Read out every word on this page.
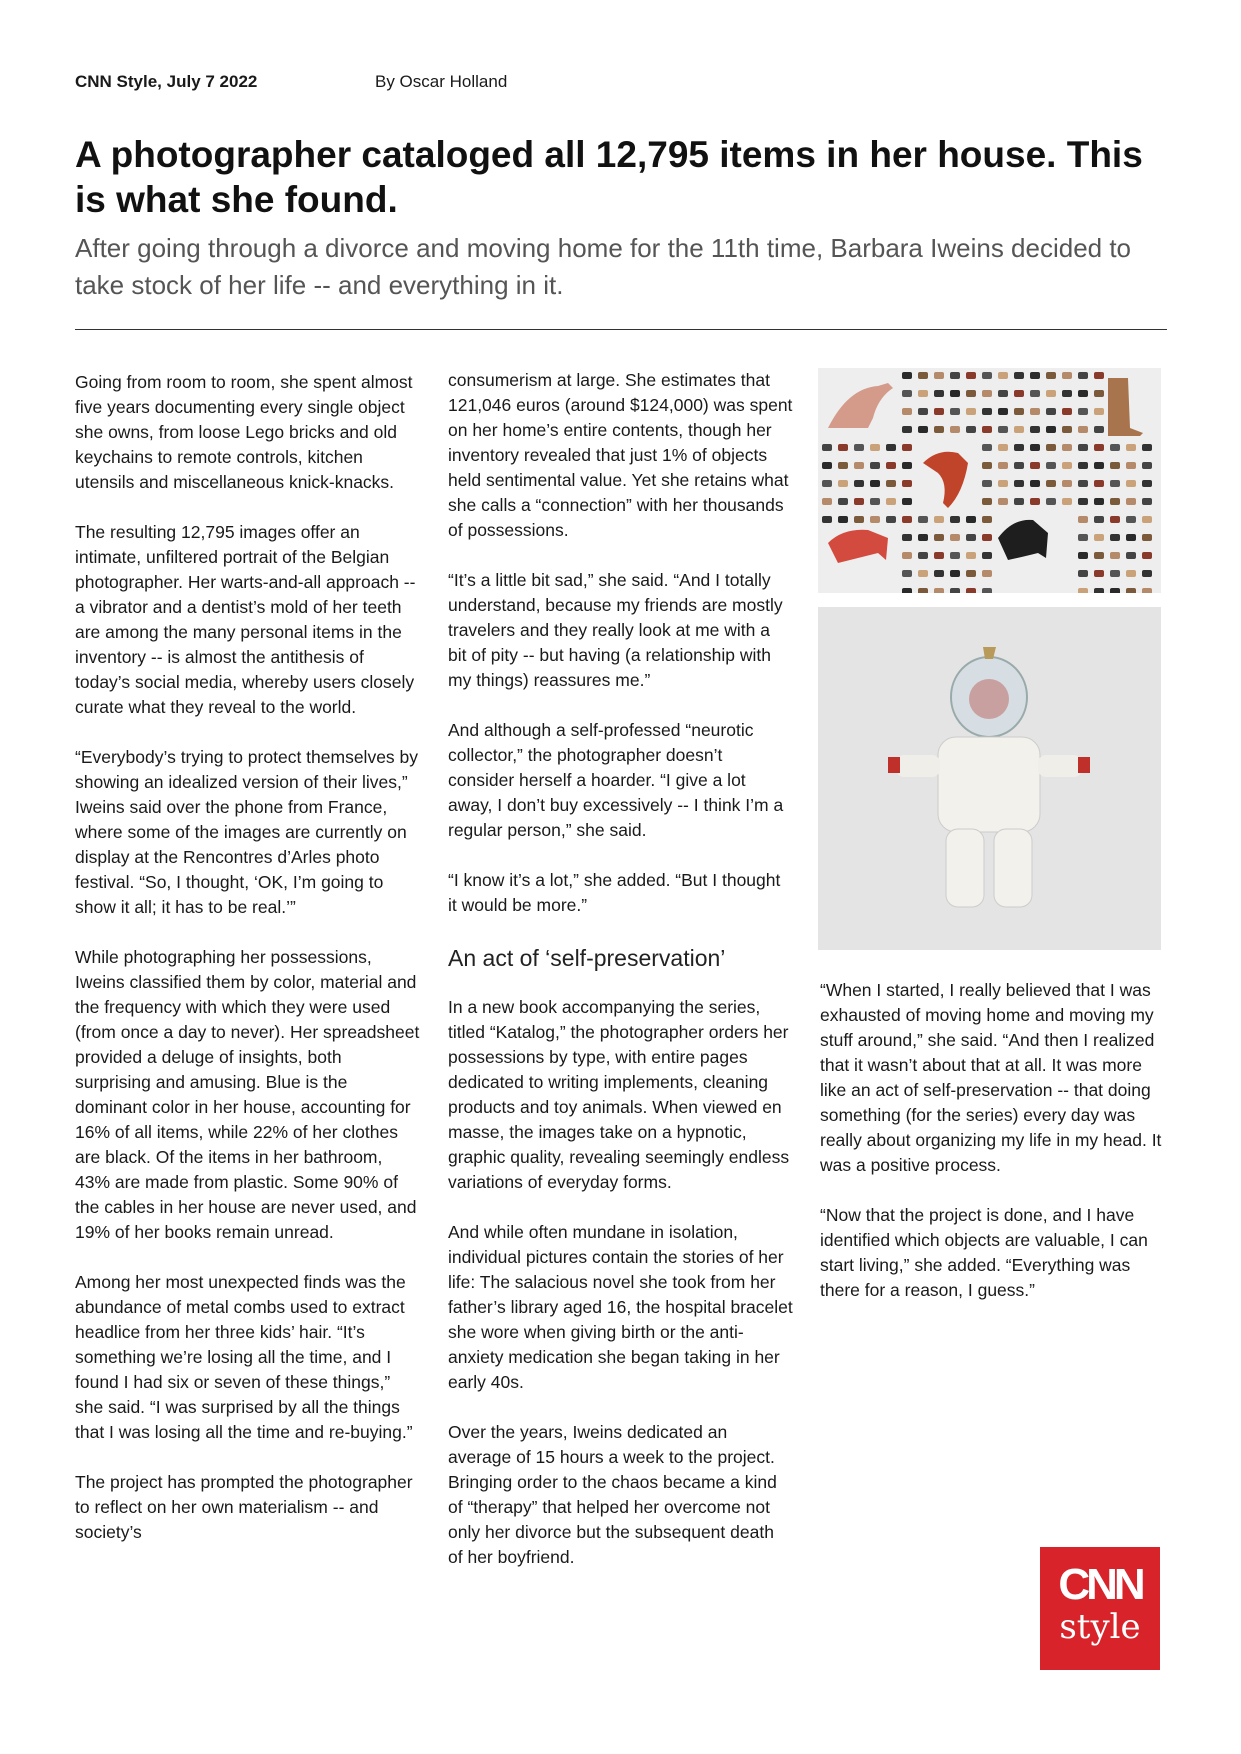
CNN Style, July 7 2022	By Oscar Holland
A photographer cataloged all 12,795 items in her house. This is what she found.

After going through a divorce and moving home for the 11th time, Barbara Iweins decided to take stock of her life -- and everything in it.

Going from room to room, she spent almost five years documenting every single object she owns, from loose Lego bricks and old keychains to remote controls, kitchen utensils and miscellaneous knick-knacks.

The resulting 12,795 images offer an intimate, unfiltered portrait of the Belgian photographer. Her warts-and-all approach -- a vibrator and a dentist’s mold of her teeth are among the many personal items in the inventory -- is almost the antithesis of today’s social media, whereby users closely curate what they reveal to the world.

“Everybody’s trying to protect themselves by showing an idealized version of their lives,” Iweins said over the phone from France, where some of the images are currently on display at the Rencontres d’Arles photo festival. “So, I thought, ‘OK, I’m going to show it all; it has to be real.’”

While photographing her possessions, Iweins classified them by color, material and the frequency with which they were used (from once a day to never). Her spreadsheet provided a deluge of insights, both surprising and amusing. Blue is the dominant color in her house, accounting for 16% of all items, while 22% of her clothes are black. Of the items in her bathroom, 43% are made from plastic. Some 90% of the cables in her house are never used, and 19% of her books remain unread.

Among her most unexpected finds was the abundance of metal combs used to extract headlice from her three kids’ hair. “It’s something we’re losing all the time, and I found I had six or seven of these things,” she said. “I was surprised by all the things that I was losing all the time and re-buying.”

The project has prompted the photographer to reflect on her own materialism -- and society’s

consumerism at large. She estimates that 121,046 euros (around $124,000) was spent on her home’s entire contents, though her inventory revealed that just 1% of objects held sentimental value. Yet she retains what she calls a “connection” with her thousands of possessions.

“It’s a little bit sad,” she said. “And I totally understand, because my friends are mostly travelers and they really look at me with a bit of pity -- but having (a relationship with my things) reassures me.”

And although a self-professed “neurotic collector,” the photographer doesn’t consider herself a hoarder. “I give a lot away, I don’t buy excessively -- I think I’m a regular person,” she said.

“I know it’s a lot,” she added. “But I thought it would be more.”

An act of ‘self-preservation’

In a new book accompanying the series, titled “Katalog,” the photographer orders her possessions by type, with entire pages dedicated to writing implements, cleaning products and toy animals. When viewed en masse, the images take on a hypnotic, graphic quality, revealing seemingly endless variations of everyday forms.

And while often mundane in isolation, individual pictures contain the stories of her life: The salacious novel she took from her father’s library aged 16, the hospital bracelet she wore when giving birth or the anti-anxiety medication she began taking in her early 40s.

Over the years, Iweins dedicated an average of 15 hours a week to the project. Bringing order to the chaos became a kind of “therapy” that helped her overcome not only her divorce but the subsequent death of her boyfriend.

“When I started, I really believed that I was exhausted of moving home and moving my stuff around,” she said. “And then I realized that it wasn’t about that at all. It was more like an act of self-preservation -- that doing something (for the series) every day was really about organizing my life in my head. It was a positive process.

“Now that the project is done, and I have identified which objects are valuable, I can start living,” she added. “Everything was there for a reason, I guess.”

CNN
style
